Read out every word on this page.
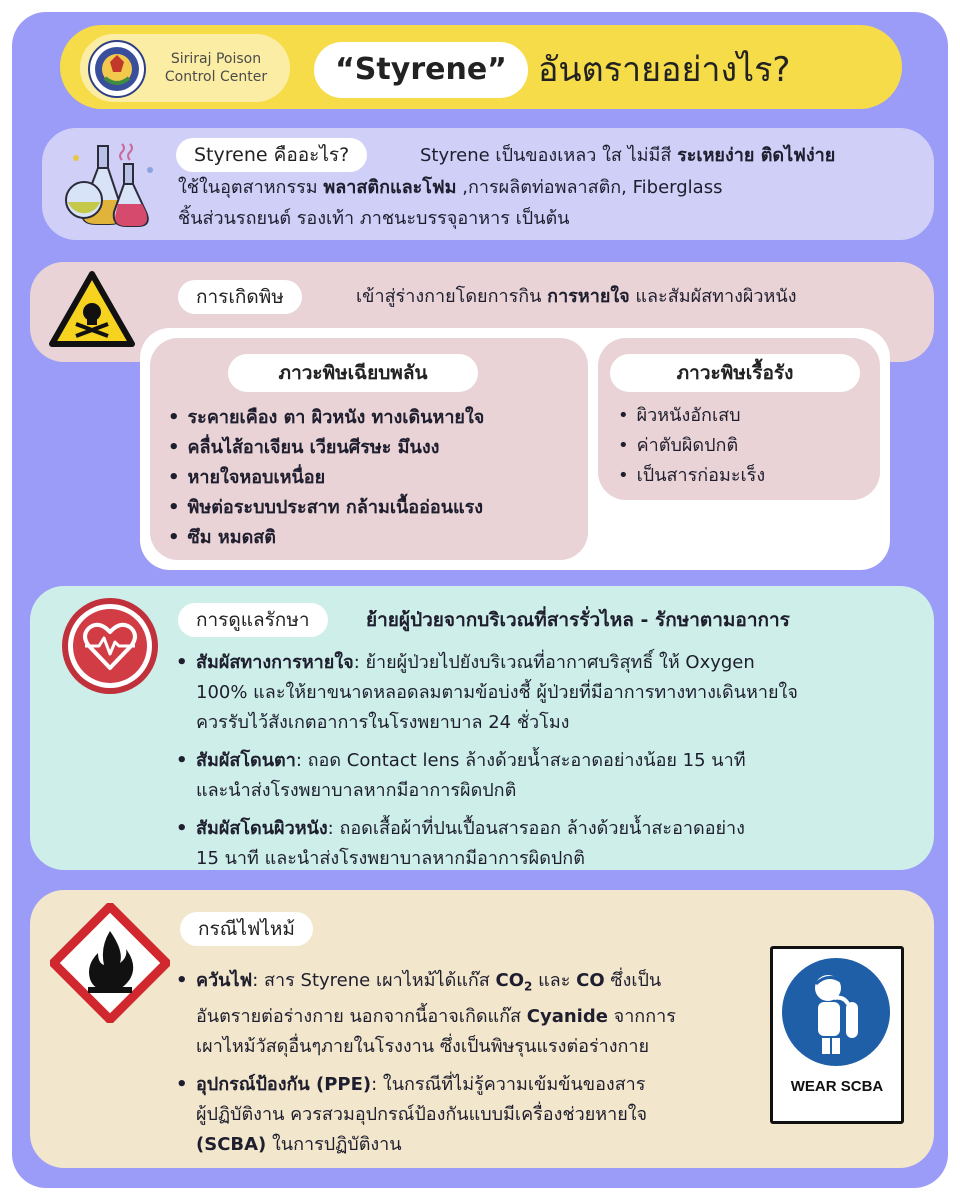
Siriraj Poison
Control Center	“Styrene” อันตรายอย่างไร?
Styrene คืออะไร?	Styrene เป็นของเหลว ใส ไม่มีสี ระเหยง่าย ติดไฟง่าย
ใช้ในอุตสาหกรรม พลาสติกและโฟม ,การผลิตท่อพลาสติก, Fiberglass
ชิ้นส่วนรถยนต์ รองเท้า ภาชนะบรรจุอาหาร เป็นต้น
การเกิดพิษ	เข้าสู่ร่างกายโดยการกิน การหายใจ และสัมผัสทางผิวหนัง
ภาวะพิษเฉียบพลัน
• ระคายเคือง ตา ผิวหนัง ทางเดินหายใจ
• คลื่นไส้อาเจียน เวียนศีรษะ มึนงง
• หายใจหอบเหนื่อย
• พิษต่อระบบประสาท กล้ามเนื้ออ่อนแรง
• ซึม หมดสติ
ภาวะพิษเรื้อรัง
• ผิวหนังอักเสบ
• ค่าตับผิดปกติ
• เป็นสารก่อมะเร็ง
การดูแลรักษา	ย้ายผู้ป่วยจากบริเวณที่สารรั่วไหล - รักษาตามอาการ
• สัมผัสทางการหายใจ: ย้ายผู้ป่วยไปยังบริเวณที่อากาศบริสุทธิ์ ให้ Oxygen
100% และให้ยาขนาดหลอดลมตามข้อบ่งชี้ ผู้ป่วยที่มีอาการทางทางเดินหายใจ
ควรรับไว้สังเกตอาการในโรงพยาบาล 24 ชั่วโมง
• สัมผัสโดนตา: ถอด Contact lens ล้างด้วยน้ำสะอาดอย่างน้อย 15 นาที
และนำส่งโรงพยาบาลหากมีอาการผิดปกติ
• สัมผัสโดนผิวหนัง: ถอดเสื้อผ้าที่ปนเปื้อนสารออก ล้างด้วยน้ำสะอาดอย่าง
15 นาที และนำส่งโรงพยาบาลหากมีอาการผิดปกติ
กรณีไฟไหม้
• ควันไฟ: สาร Styrene เผาไหม้ได้แก๊ส $CO_2$ และ CO ซึ่งเป็น
อันตรายต่อร่างกาย นอกจากนี้อาจเกิดแก๊ส Cyanide จากการ
เผาไหม้วัสดุอื่นๆภายในโรงงาน ซึ่งเป็นพิษรุนแรงต่อร่างกาย
• อุปกรณ์ป้องกัน (PPE): ในกรณีที่ไม่รู้ความเข้มข้นของสาร
ผู้ปฏิบัติงาน ควรสวมอุปกรณ์ป้องกันแบบมีเครื่องช่วยหายใจ
(SCBA) ในการปฏิบัติงาน
WEAR SCBA
